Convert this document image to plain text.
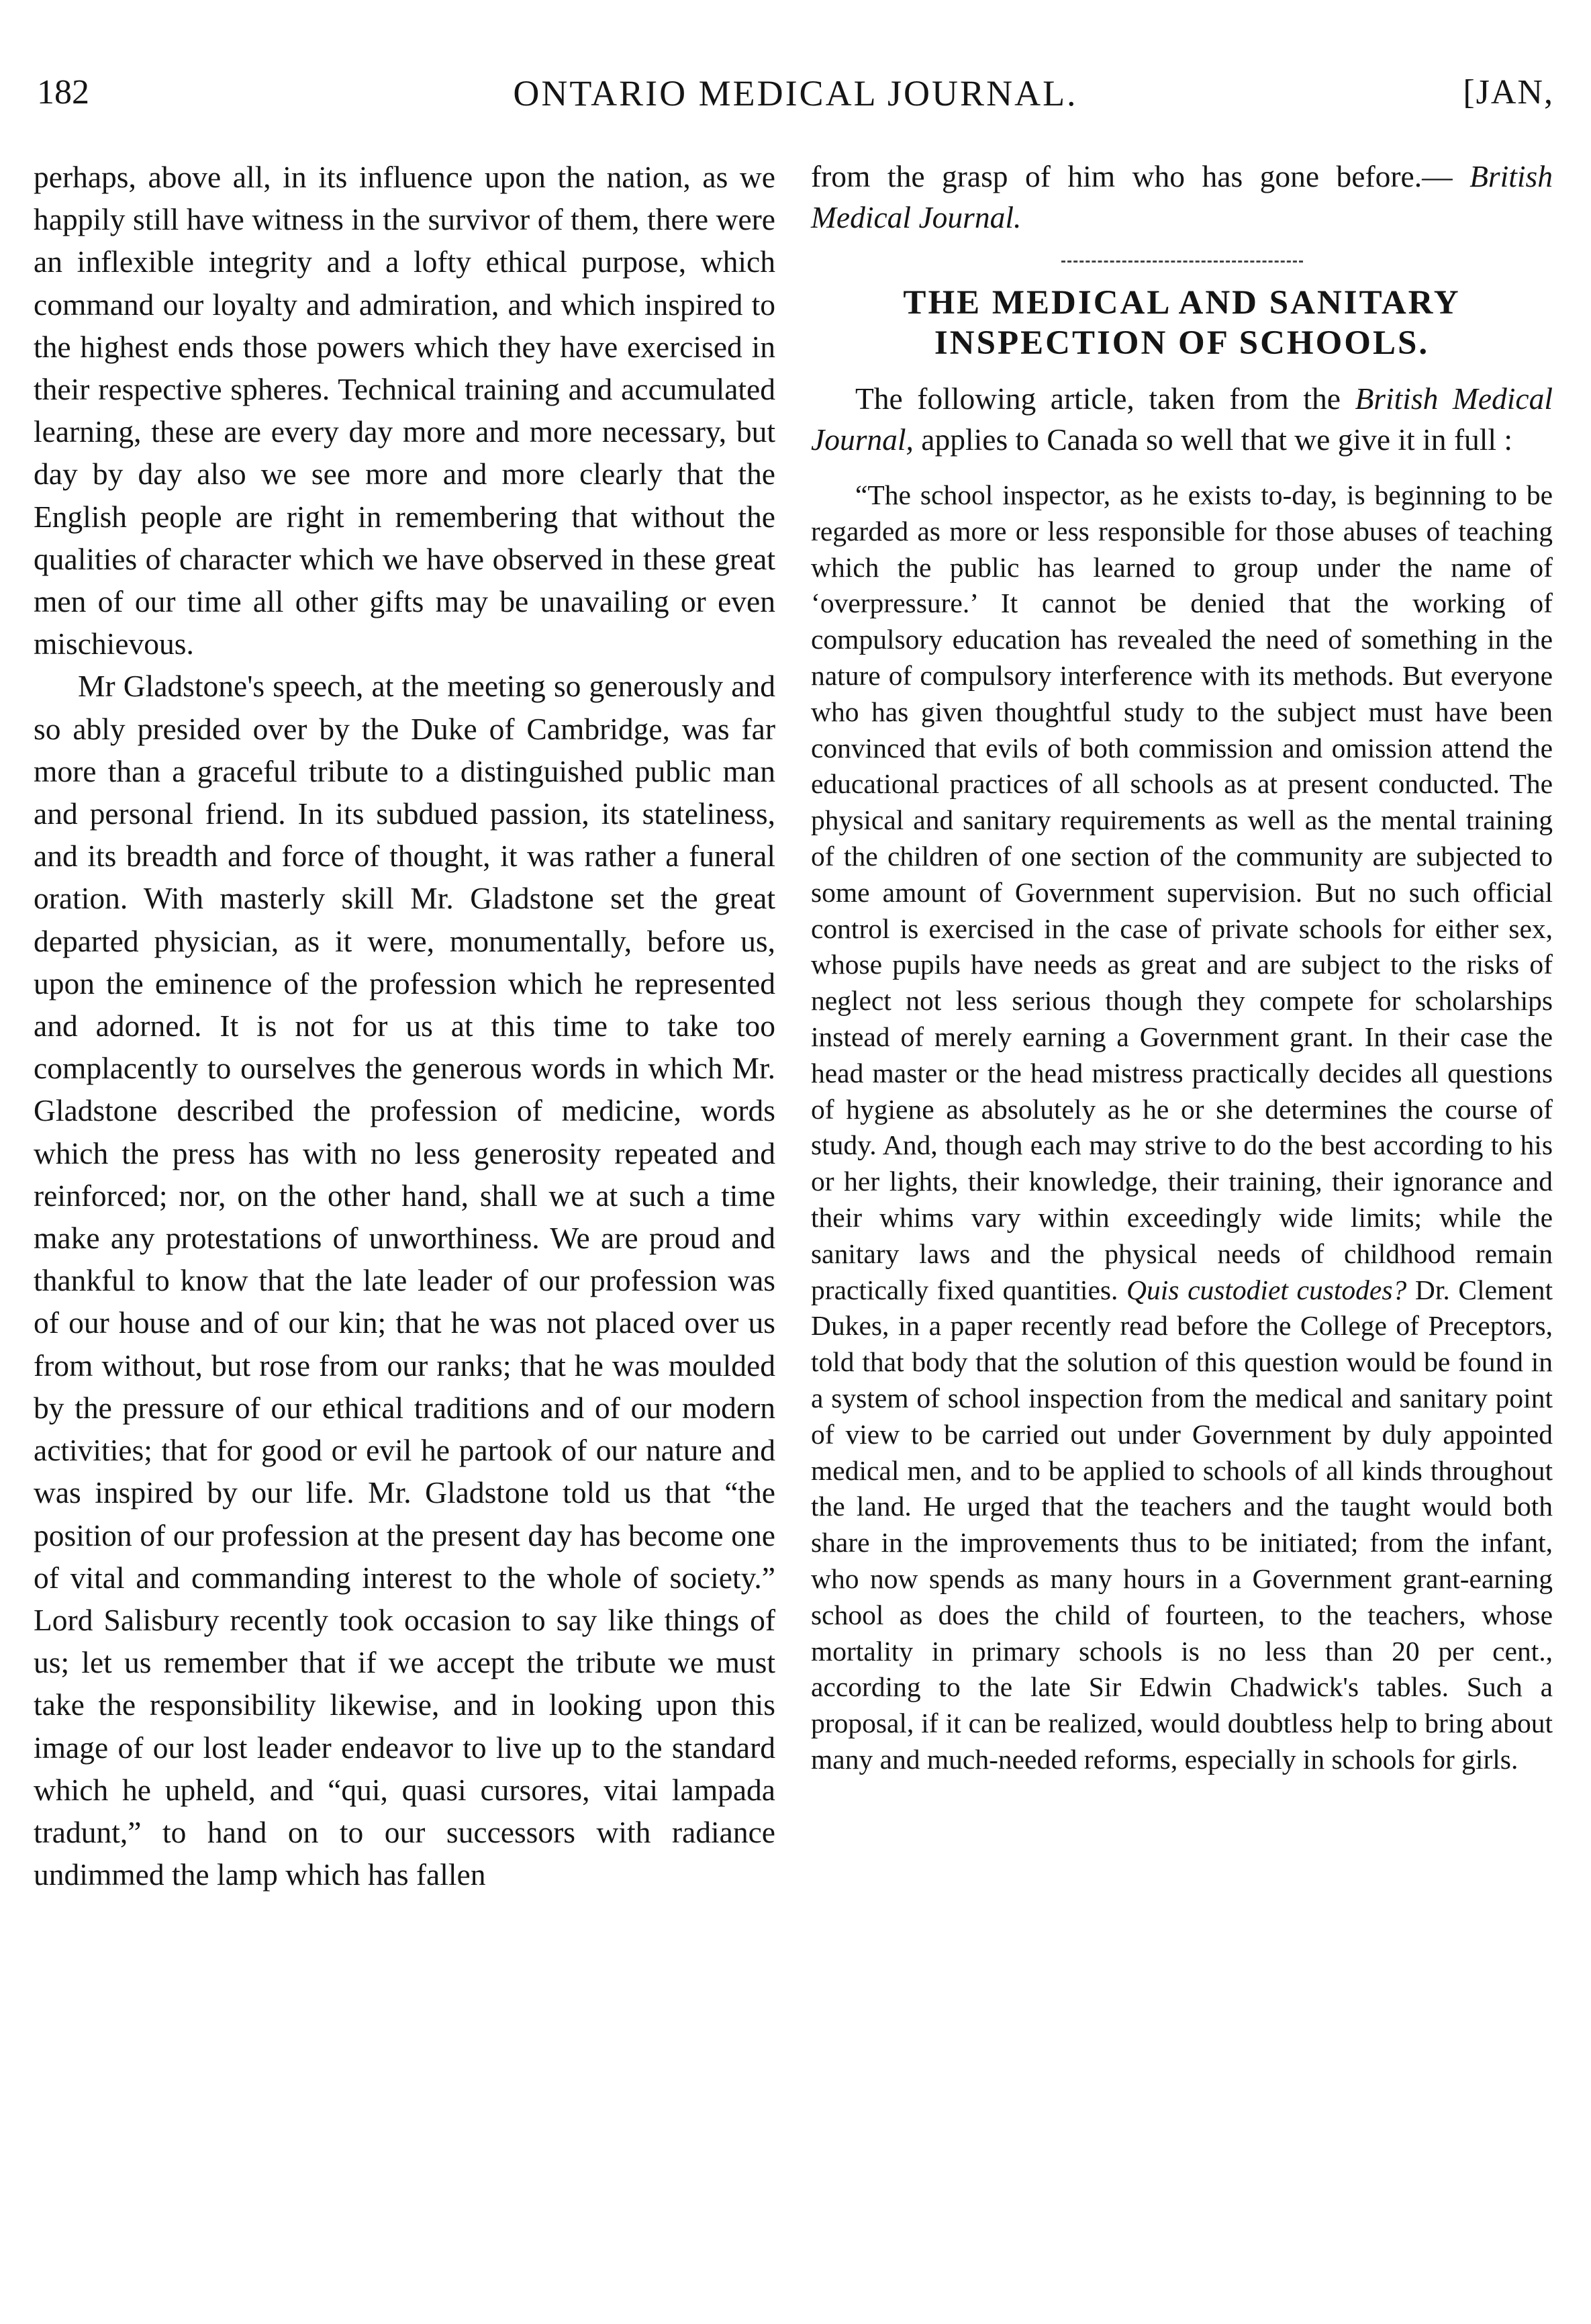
182	ONTARIO MEDICAL JOURNAL.	[JAN,

perhaps, above all, in its influence upon the nation, as we happily still have witness in the survivor of them, there were an inflexible integrity and a lofty ethical purpose, which command our loyalty and admiration, and which inspired to the highest ends those powers which they have exercised in their respective spheres. Technical training and accumulated learning, these are every day more and more necessary, but day by day also we see more and more clearly that the English people are right in remembering that without the qualities of character which we have observed in these great men of our time all other gifts may be unavailing or even mischievous.

Mr Gladstone's speech, at the meeting so generously and so ably presided over by the Duke of Cambridge, was far more than a graceful tribute to a distinguished public man and personal friend. In its subdued passion, its stateliness, and its breadth and force of thought, it was rather a funeral oration. With masterly skill Mr. Gladstone set the great departed physician, as it were, monumentally, before us, upon the eminence of the profession which he represented and adorned. It is not for us at this time to take too complacently to ourselves the generous words in which Mr. Gladstone described the profession of medicine, words which the press has with no less generosity repeated and reinforced; nor, on the other hand, shall we at such a time make any protestations of unworthiness. We are proud and thankful to know that the late leader of our profession was of our house and of our kin; that he was not placed over us from without, but rose from our ranks; that he was moulded by the pressure of our ethical traditions and of our modern activities; that for good or evil he partook of our nature and was inspired by our life. Mr. Gladstone told us that “the position of our profession at the present day has become one of vital and commanding interest to the whole of society.” Lord Salisbury recently took occasion to say like things of us; let us remember that if we accept the tribute we must take the responsibility likewise, and in looking upon this image of our lost leader endeavor to live up to the standard which he upheld, and “qui, quasi cursores, vitai lampada tradunt,” to hand on to our successors with radiance undimmed the lamp which has fallen

from the grasp of him who has gone before.— British Medical Journal.

THE MEDICAL AND SANITARY INSPECTION OF SCHOOLS.

The following article, taken from the British Medical Journal, applies to Canada so well that we give it in full :

“The school inspector, as he exists to-day, is beginning to be regarded as more or less responsible for those abuses of teaching which the public has learned to group under the name of ‘overpressure.’ It cannot be denied that the working of compulsory education has revealed the need of something in the nature of compulsory interference with its methods. But everyone who has given thoughtful study to the subject must have been convinced that evils of both commission and omission attend the educational practices of all schools as at present conducted. The physical and sanitary requirements as well as the mental training of the children of one section of the community are subjected to some amount of Government supervision. But no such official control is exercised in the case of private schools for either sex, whose pupils have needs as great and are subject to the risks of neglect not less serious though they compete for scholarships instead of merely earning a Government grant. In their case the head master or the head mistress practically decides all questions of hygiene as absolutely as he or she determines the course of study. And, though each may strive to do the best according to his or her lights, their knowledge, their training, their ignorance and their whims vary within exceedingly wide limits; while the sanitary laws and the physical needs of childhood remain practically fixed quantities. Quis custodiet custodes? Dr. Clement Dukes, in a paper recently read before the College of Preceptors, told that body that the solution of this question would be found in a system of school inspection from the medical and sanitary point of view to be carried out under Government by duly appointed medical men, and to be applied to schools of all kinds throughout the land. He urged that the teachers and the taught would both share in the improvements thus to be initiated; from the infant, who now spends as many hours in a Government grant-earning school as does the child of fourteen, to the teachers, whose mortality in primary schools is no less than 20 per cent., according to the late Sir Edwin Chadwick's tables. Such a proposal, if it can be realized, would doubtless help to bring about many and much-needed reforms, especially in schools for girls.
